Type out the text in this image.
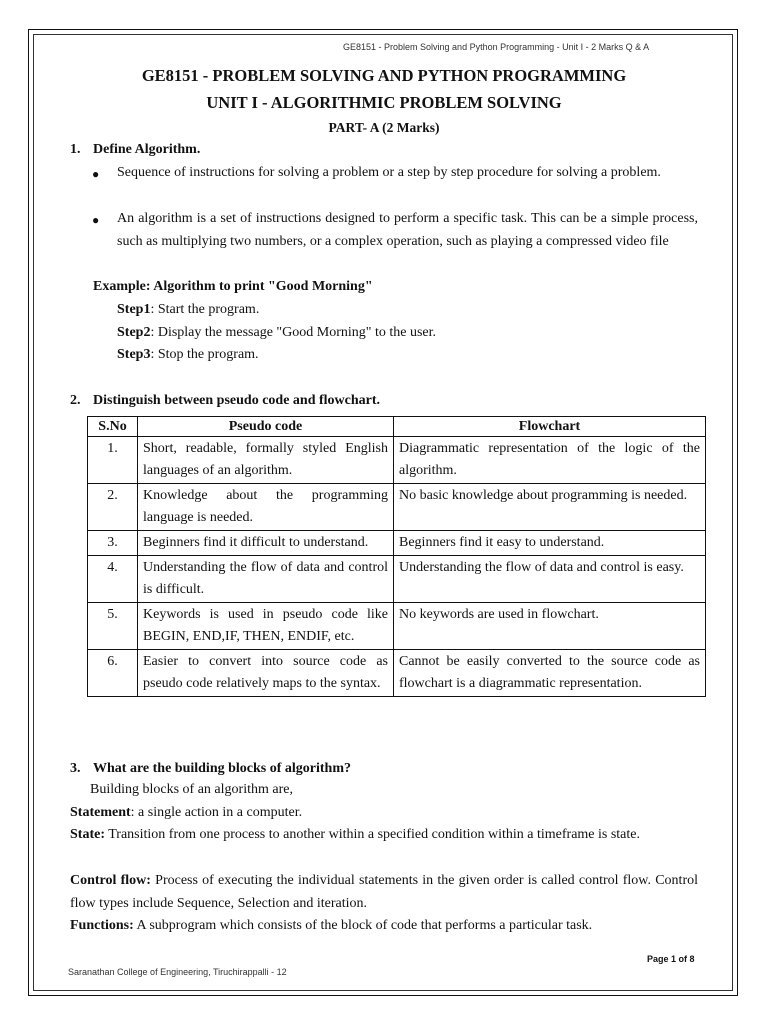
GE8151 - Problem Solving and Python Programming - Unit I - 2 Marks Q & A
GE8151 - PROBLEM SOLVING AND PYTHON PROGRAMMING
UNIT I - ALGORITHMIC PROBLEM SOLVING
PART- A (2 Marks)
1. Define Algorithm.
● Sequence of instructions for solving a problem or a step by step procedure for solving a problem.
● An algorithm is a set of instructions designed to perform a specific task. This can be a simple process, such as multiplying two numbers, or a complex operation, such as playing a compressed video file
Example: Algorithm to print "Good Morning"
Step1: Start the program.
Step2: Display the message "Good Morning" to the user.
Step3: Stop the program.
2. Distinguish between pseudo code and flowchart.
S.No	Pseudo code	Flowchart
1.	Short, readable, formally styled English languages of an algorithm.	Diagrammatic representation of the logic of the algorithm.
2.	Knowledge about the programming language is needed.	No basic knowledge about programming is needed.
3.	Beginners find it difficult to understand.	Beginners find it easy to understand.
4.	Understanding the flow of data and control is difficult.	Understanding the flow of data and control is easy.
5.	Keywords is used in pseudo code like BEGIN, END,IF, THEN, ENDIF, etc.	No keywords are used in flowchart.
6.	Easier to convert into source code as pseudo code relatively maps to the syntax.	Cannot be easily converted to the source code as flowchart is a diagrammatic representation.
3. What are the building blocks of algorithm?
Building blocks of an algorithm are,
Statement: a single action in a computer.
State: Transition from one process to another within a specified condition within a timeframe is state.
Control flow: Process of executing the individual statements in the given order is called control flow. Control flow types include Sequence, Selection and iteration.
Functions: A subprogram which consists of the block of code that performs a particular task.
Page 1 of 8
Saranathan College of Engineering, Tiruchirappalli - 12
